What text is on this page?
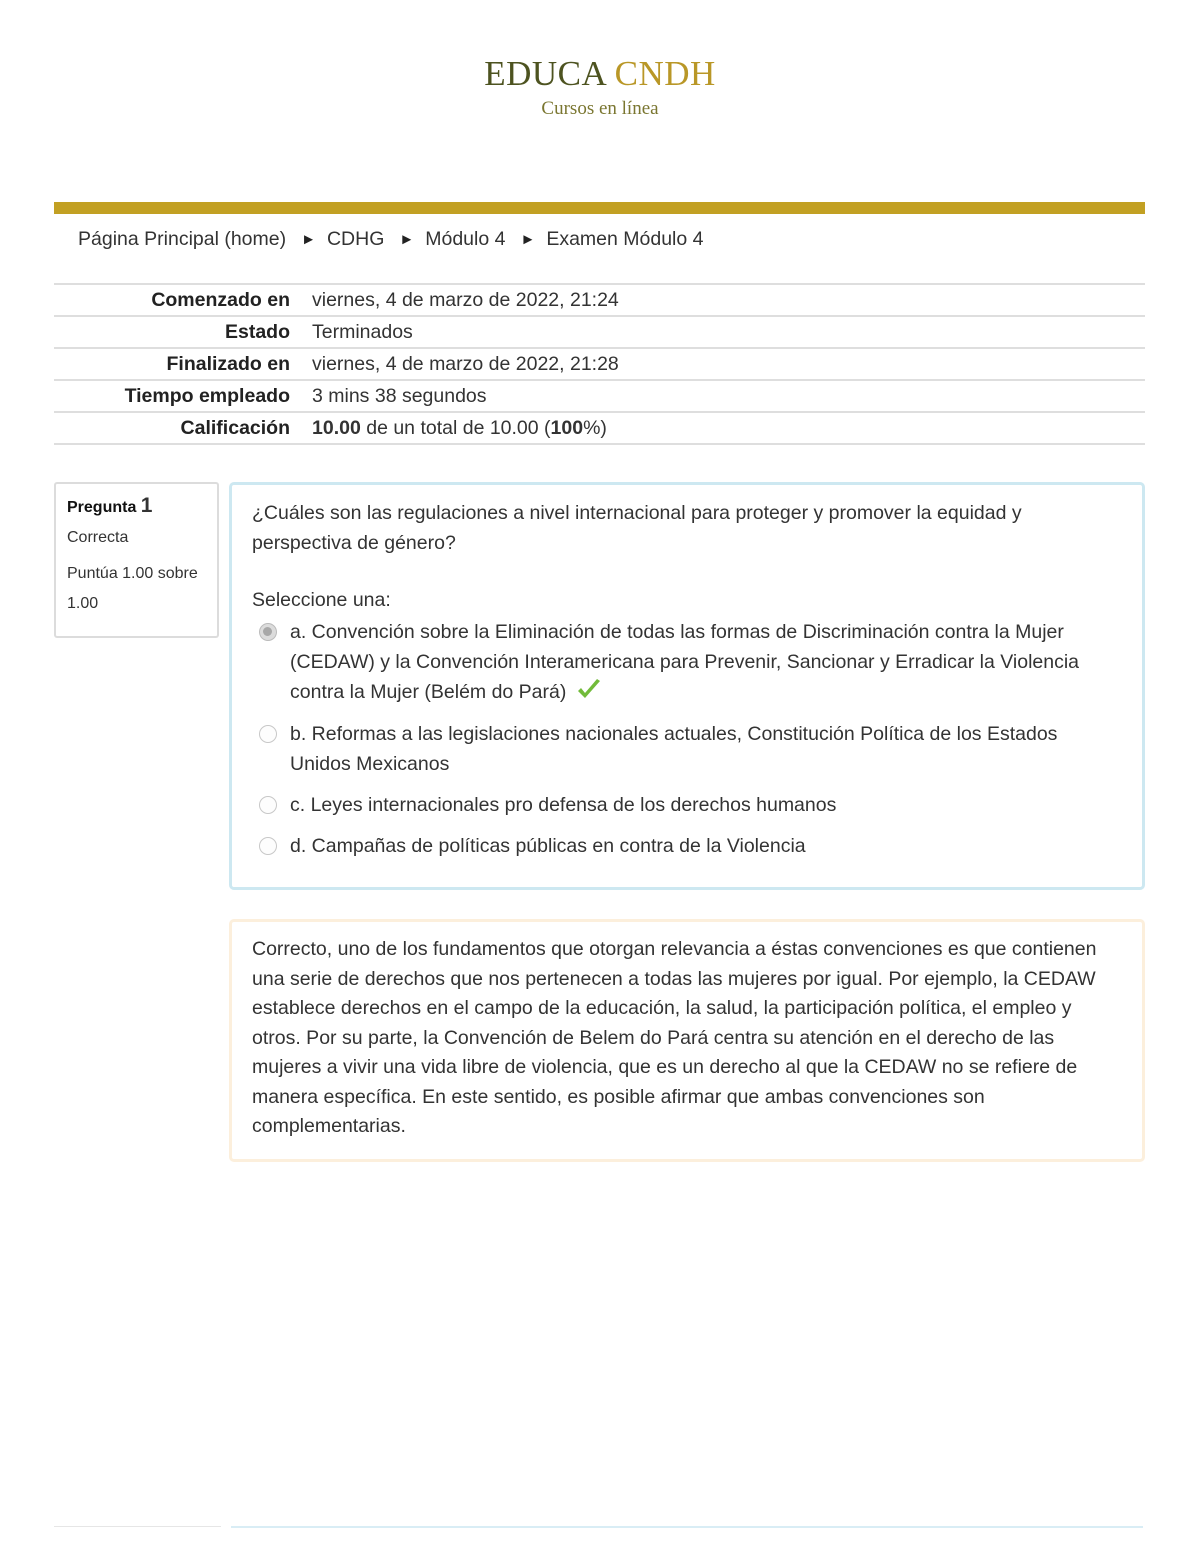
EDUCA CNDH
Cursos en línea
Página Principal (home) ► CDHG ► Módulo 4 ► Examen Módulo 4
Comenzado en	viernes, 4 de marzo de 2022, 21:24
Estado	Terminados
Finalizado en	viernes, 4 de marzo de 2022, 21:28
Tiempo empleado	3 mins 38 segundos
Calificación	10.00 de un total de 10.00 (100%)
Pregunta 1
Correcta
Puntúa 1.00 sobre 1.00
¿Cuáles son las regulaciones a nivel internacional para proteger y promover la equidad y perspectiva de género?
Seleccione una:
a. Convención sobre la Eliminación de todas las formas de Discriminación contra la Mujer (CEDAW) y la Convención Interamericana para Prevenir, Sancionar y Erradicar la Violencia contra la Mujer (Belém do Pará)
b. Reformas a las legislaciones nacionales actuales, Constitución Política de los Estados Unidos Mexicanos
c. Leyes internacionales pro defensa de los derechos humanos
d. Campañas de políticas públicas en contra de la Violencia

Correcto, uno de los fundamentos que otorgan relevancia a éstas convenciones es que contienen una serie de derechos que nos pertenecen a todas las mujeres por igual. Por ejemplo, la CEDAW establece derechos en el campo de la educación, la salud, la participación política, el empleo y otros. Por su parte, la Convención de Belem do Pará centra su atención en el derecho de las mujeres a vivir una vida libre de violencia, que es un derecho al que la CEDAW no se refiere de manera específica. En este sentido, es posible afirmar que ambas convenciones son complementarias.
